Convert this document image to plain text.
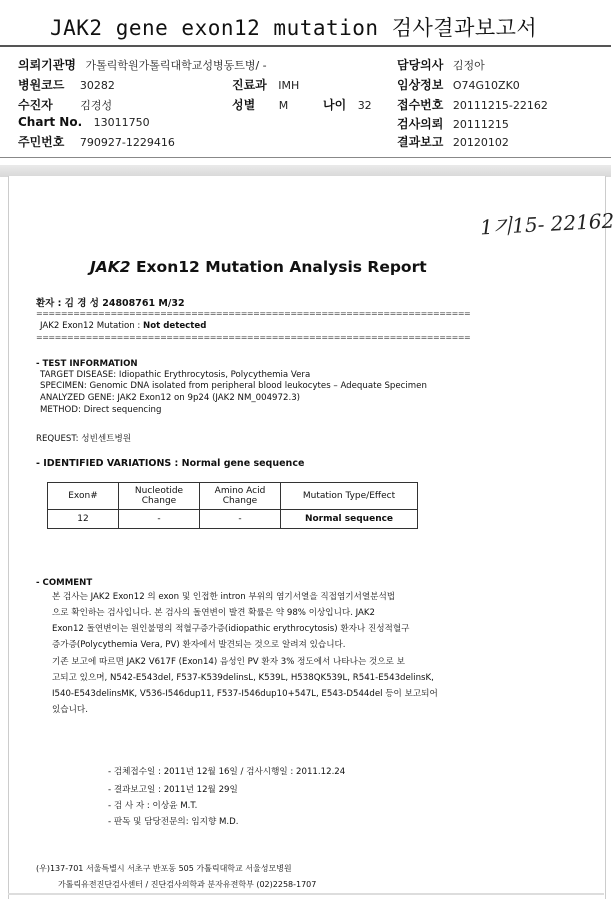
JAK2 gene exon12 mutation 검사결과보고서
의뢰기관명 가톨릭학원가톨릭대학교성병동트병/ -	담당의사 김정아
병원코드 30282	진료과 IMH	임상정보 O74G10ZK0
수진자	김경성	성별 M	나이 32 접수번호 20111215-22162
Chart No. 13011750	검사의뢰 20111215
주민번호 790927-1229416	결과보고 20120102
1기15- 22162
JAK2 Exon12 Mutation Analysis Report
환자 : 김 경 성 24808761 M/32
======================================================================
JAK2 Exon12 Mutation : Not detected
======================================================================
- TEST INFORMATION
TARGET DISEASE: Idiopathic Erythrocytosis, Polycythemia Vera
SPECIMEN: Genomic DNA isolated from peripheral blood leukocytes – Adequate Specimen
ANALYZED GENE: JAK2 Exon12 on 9p24 (JAK2 NM_004972.3)
METHOD: Direct sequencing
REQUEST: 성빈센트병원
- IDENTIFIED VARIATIONS : Normal gene sequence
Exon#	Nucleotide Change	Amino Acid Change	Mutation Type/Effect
12	-	-	Normal sequence
- COMMENT
본 검사는 JAK2 Exon12 의 exon 및 인접한 intron 부위의 염기서열을 직접염기서열분석법
으로 확인하는 검사입니다. 본 검사의 돌연변이 발견 확률은 약 98% 이상입니다. JAK2
Exon12 돌연변이는 원인불명의 적혈구증가증(idiopathic erythrocytosis) 환자나 진성적혈구
증가증(Polycythemia Vera, PV) 환자에서 발견되는 것으로 알려져 있습니다.
기존 보고에 따르면 JAK2 V617F (Exon14) 음성인 PV 환자 3% 정도에서 나타나는 것으로 보
고되고 있으며, N542-E543del, F537-K539delinsL, K539L, H538QK539L, R541-E543delinsK,
I540-E543delinsMK, V536-I546dup11, F537-I546dup10+547L, E543-D544del 등이 보고되어
있습니다.
- 검체접수일 : 2011년 12월 16일 / 검사시행일 : 2011.12.24
- 결과보고일 : 2011년 12월 29일
- 검 사 자 : 이상윤 M.T.
- 판독 및 담당전문의: 임지향 M.D.
(우)137-701 서울특별시 서초구 반포동 505 가톨릭대학교 서울성모병원
가톨릭유전진단검사센터 / 진단검사의학과 분자유전학부 (02)2258-1707
